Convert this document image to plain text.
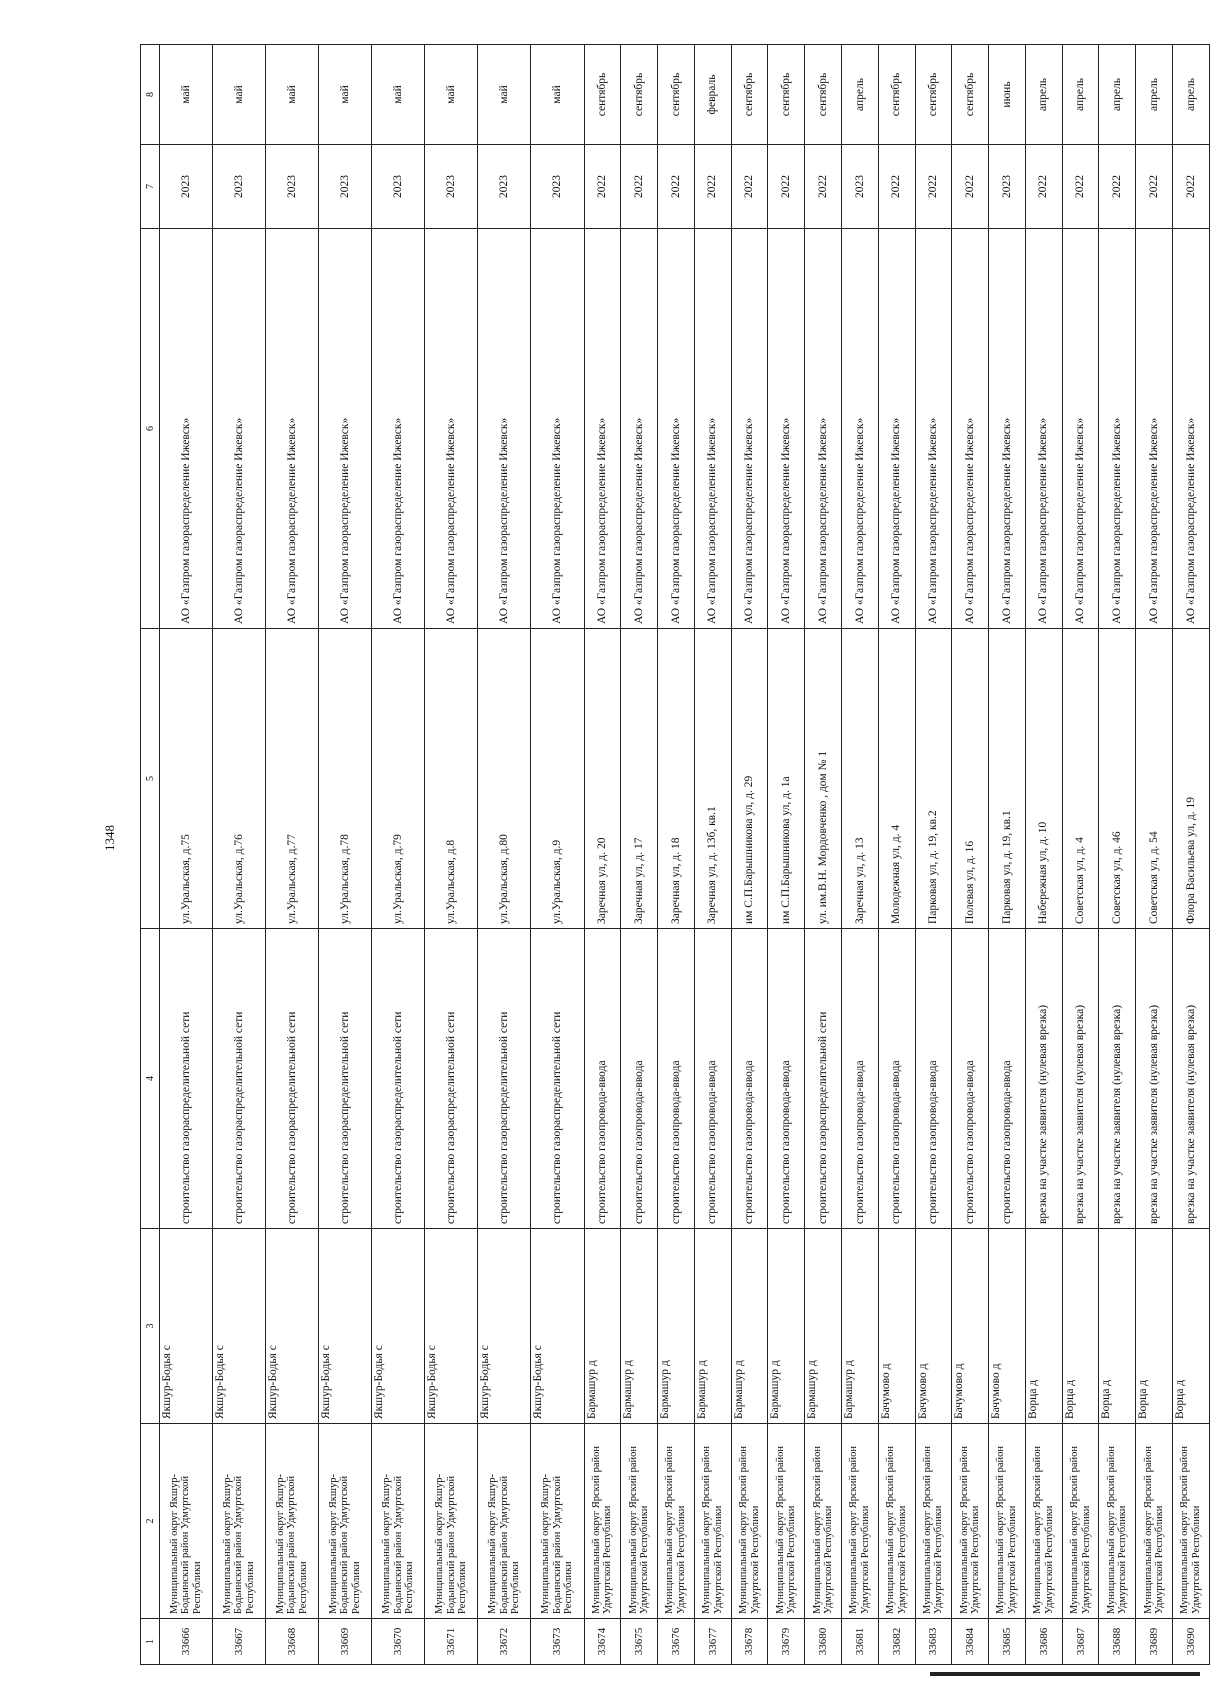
1348
1	2	3	4	5	6	7	8
33666	Муниципальный округ Якшур-Бодьинский район Удмуртской Республики	Якшур-Бодья с	строительство газораспределительной сети	ул.Уральская, д.75	АО «Газпром газораспределение Ижевск»	2023	май
33667	Муниципальный округ Якшур-Бодьинский район Удмуртской Республики	Якшур-Бодья с	строительство газораспределительной сети	ул.Уральская, д.76	АО «Газпром газораспределение Ижевск»	2023	май
33668	Муниципальный округ Якшур-Бодьинский район Удмуртской Республики	Якшур-Бодья с	строительство газораспределительной сети	ул.Уральская, д.77	АО «Газпром газораспределение Ижевск»	2023	май
33669	Муниципальный округ Якшур-Бодьинский район Удмуртской Республики	Якшур-Бодья с	строительство газораспределительной сети	ул.Уральская, д.78	АО «Газпром газораспределение Ижевск»	2023	май
33670	Муниципальный округ Якшур-Бодьинский район Удмуртской Республики	Якшур-Бодья с	строительство газораспределительной сети	ул.Уральская, д.79	АО «Газпром газораспределение Ижевск»	2023	май
33671	Муниципальный округ Якшур-Бодьинский район Удмуртской Республики	Якшур-Бодья с	строительство газораспределительной сети	ул.Уральская, д.8	АО «Газпром газораспределение Ижевск»	2023	май
33672	Муниципальный округ Якшур-Бодьинский район Удмуртской Республики	Якшур-Бодья с	строительство газораспределительной сети	ул.Уральская, д.80	АО «Газпром газораспределение Ижевск»	2023	май
33673	Муниципальный округ Якшур-Бодьинский район Удмуртской Республики	Якшур-Бодья с	строительство газораспределительной сети	ул.Уральская, д.9	АО «Газпром газораспределение Ижевск»	2023	май
33674	Муниципальный округ Ярский район Удмуртской Республики	Бармашур д	строительство газопровода-ввода	Заречная ул, д. 20	АО «Газпром газораспределение Ижевск»	2022	сентябрь
33675	Муниципальный округ Ярский район Удмуртской Республики	Бармашур д	строительство газопровода-ввода	Заречная ул, д. 17	АО «Газпром газораспределение Ижевск»	2022	сентябрь
33676	Муниципальный округ Ярский район Удмуртской Республики	Бармашур д	строительство газопровода-ввода	Заречная ул, д. 18	АО «Газпром газораспределение Ижевск»	2022	сентябрь
33677	Муниципальный округ Ярский район Удмуртской Республики	Бармашур д	строительство газопровода-ввода	Заречная ул, д. 13б, кв.1	АО «Газпром газораспределение Ижевск»	2022	февраль
33678	Муниципальный округ Ярский район Удмуртской Республики	Бармашур д	строительство газопровода-ввода	им С.П.Барышникова ул, д. 29	АО «Газпром газораспределение Ижевск»	2022	сентябрь
33679	Муниципальный округ Ярский район Удмуртской Республики	Бармашур д	строительство газопровода-ввода	им С.П.Барышникова ул, д. 1а	АО «Газпром газораспределение Ижевск»	2022	сентябрь
33680	Муниципальный округ Ярский район Удмуртской Республики	Бармашур д	строительство газораспределительной сети	ул. им.В.Н. Мордовченко , дом № 1	АО «Газпром газораспределение Ижевск»	2022	сентябрь
33681	Муниципальный округ Ярский район Удмуртской Республики	Бармашур д	строительство газопровода-ввода	Заречная ул, д. 13	АО «Газпром газораспределение Ижевск»	2023	апрель
33682	Муниципальный округ Ярский район Удмуртской Республики	Бачумово д	строительство газопровода-ввода	Молодежная ул, д. 4	АО «Газпром газораспределение Ижевск»	2022	сентябрь
33683	Муниципальный округ Ярский район Удмуртской Республики	Бачумово д	строительство газопровода-ввода	Парковая ул, д. 19, кв.2	АО «Газпром газораспределение Ижевск»	2022	сентябрь
33684	Муниципальный округ Ярский район Удмуртской Республики	Бачумово д	строительство газопровода-ввода	Полевая ул, д. 16	АО «Газпром газораспределение Ижевск»	2022	сентябрь
33685	Муниципальный округ Ярский район Удмуртской Республики	Бачумово д	строительство газопровода-ввода	Парковая ул, д. 19, кв.1	АО «Газпром газораспределение Ижевск»	2023	июнь
33686	Муниципальный округ Ярский район Удмуртской Республики	Ворца д	врезка на участке заявителя (нулевая врезка)	Набережная ул, д. 10	АО «Газпром газораспределение Ижевск»	2022	апрель
33687	Муниципальный округ Ярский район Удмуртской Республики	Ворца д	врезка на участке заявителя (нулевая врезка)	Советская ул, д. 4	АО «Газпром газораспределение Ижевск»	2022	апрель
33688	Муниципальный округ Ярский район Удмуртской Республики	Ворца д	врезка на участке заявителя (нулевая врезка)	Советская ул, д. 46	АО «Газпром газораспределение Ижевск»	2022	апрель
33689	Муниципальный округ Ярский район Удмуртской Республики	Ворца д	врезка на участке заявителя (нулевая врезка)	Советская ул, д. 54	АО «Газпром газораспределение Ижевск»	2022	апрель
33690	Муниципальный округ Ярский район Удмуртской Республики	Ворца д	врезка на участке заявителя (нулевая врезка)	Флора Васильева ул, д. 19	АО «Газпром газораспределение Ижевск»	2022	апрель
